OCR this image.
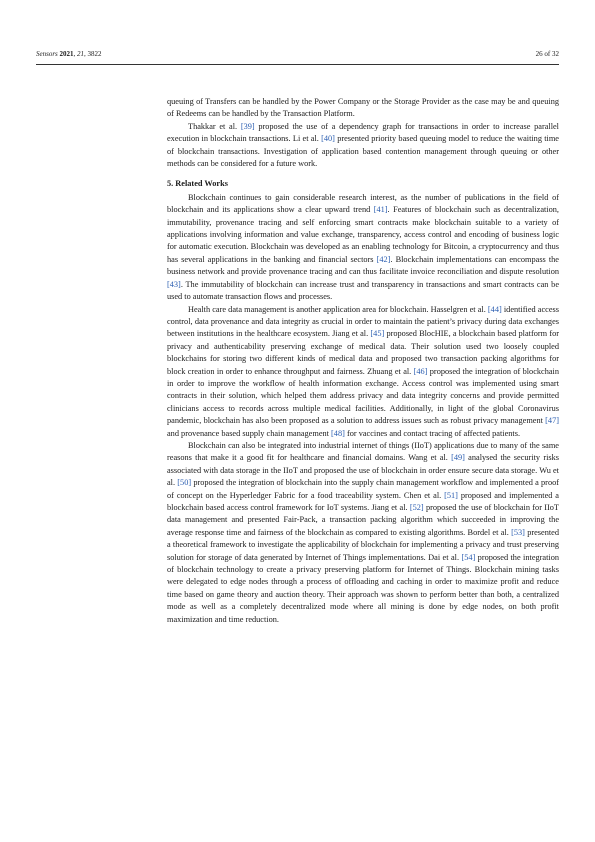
Sensors 2021, 21, 3822	26 of 32

queuing of Transfers can be handled by the Power Company or the Storage Provider as the case may be and queuing of Redeems can be handled by the Transaction Platform.

Thakkar et al. [39] proposed the use of a dependency graph for transactions in order to increase parallel execution in blockchain transactions. Li et al. [40] presented priority based queuing model to reduce the waiting time of blockchain transactions. Investigation of application based contention management through queuing or other methods can be considered for a future work.

5. Related Works

Blockchain continues to gain considerable research interest, as the number of publications in the field of blockchain and its applications show a clear upward trend [41]. Features of blockchain such as decentralization, immutability, provenance tracing and self enforcing smart contracts make blockchain suitable to a variety of applications involving information and value exchange, transparency, access control and encoding of business logic for automatic execution. Blockchain was developed as an enabling technology for Bitcoin, a cryptocurrency and thus has several applications in the banking and financial sectors [42]. Blockchain implementations can encompass the business network and provide provenance tracing and can thus facilitate invoice reconciliation and dispute resolution [43]. The immutability of blockchain can increase trust and transparency in transactions and smart contracts can be used to automate transaction flows and processes.

Health care data management is another application area for blockchain. Hasselgren et al. [44] identified access control, data provenance and data integrity as crucial in order to maintain the patient’s privacy during data exchanges between institutions in the healthcare ecosystem. Jiang et al. [45] proposed BlocHIE, a blockchain based platform for privacy and authenticability preserving exchange of medical data. Their solution used two loosely coupled blockchains for storing two different kinds of medical data and proposed two transaction packing algorithms for block creation in order to enhance throughput and fairness. Zhuang et al. [46] proposed the integration of blockchain in order to improve the workflow of health information exchange. Access control was implemented using smart contracts in their solution, which helped them address privacy and data integrity concerns and provide permitted clinicians access to records across multiple medical facilities. Additionally, in light of the global Coronavirus pandemic, blockchain has also been proposed as a solution to address issues such as robust privacy management [47] and provenance based supply chain management [48] for vaccines and contact tracing of affected patients.

Blockchain can also be integrated into industrial internet of things (IIoT) applications due to many of the same reasons that make it a good fit for healthcare and financial domains. Wang et al. [49] analysed the security risks associated with data storage in the IIoT and proposed the use of blockchain in order ensure secure data storage. Wu et al. [50] proposed the integration of blockchain into the supply chain management workflow and implemented a proof of concept on the Hyperledger Fabric for a food traceability system. Chen et al. [51] proposed and implemented a blockchain based access control framework for IoT systems. Jiang et al. [52] proposed the use of blockchain for IIoT data management and presented Fair-Pack, a transaction packing algorithm which succeeded in improving the average response time and fairness of the blockchain as compared to existing algorithms. Bordel et al. [53] presented a theoretical framework to investigate the applicability of blockchain for implementing a privacy and trust preserving solution for storage of data generated by Internet of Things implementations. Dai et al. [54] proposed the integration of blockchain technology to create a privacy preserving platform for Internet of Things. Blockchain mining tasks were delegated to edge nodes through a process of offloading and caching in order to maximize profit and reduce time based on game theory and auction theory. Their approach was shown to perform better than both, a centralized mode as well as a completely decentralized mode where all mining is done by edge nodes, on both profit maximization and time reduction.
